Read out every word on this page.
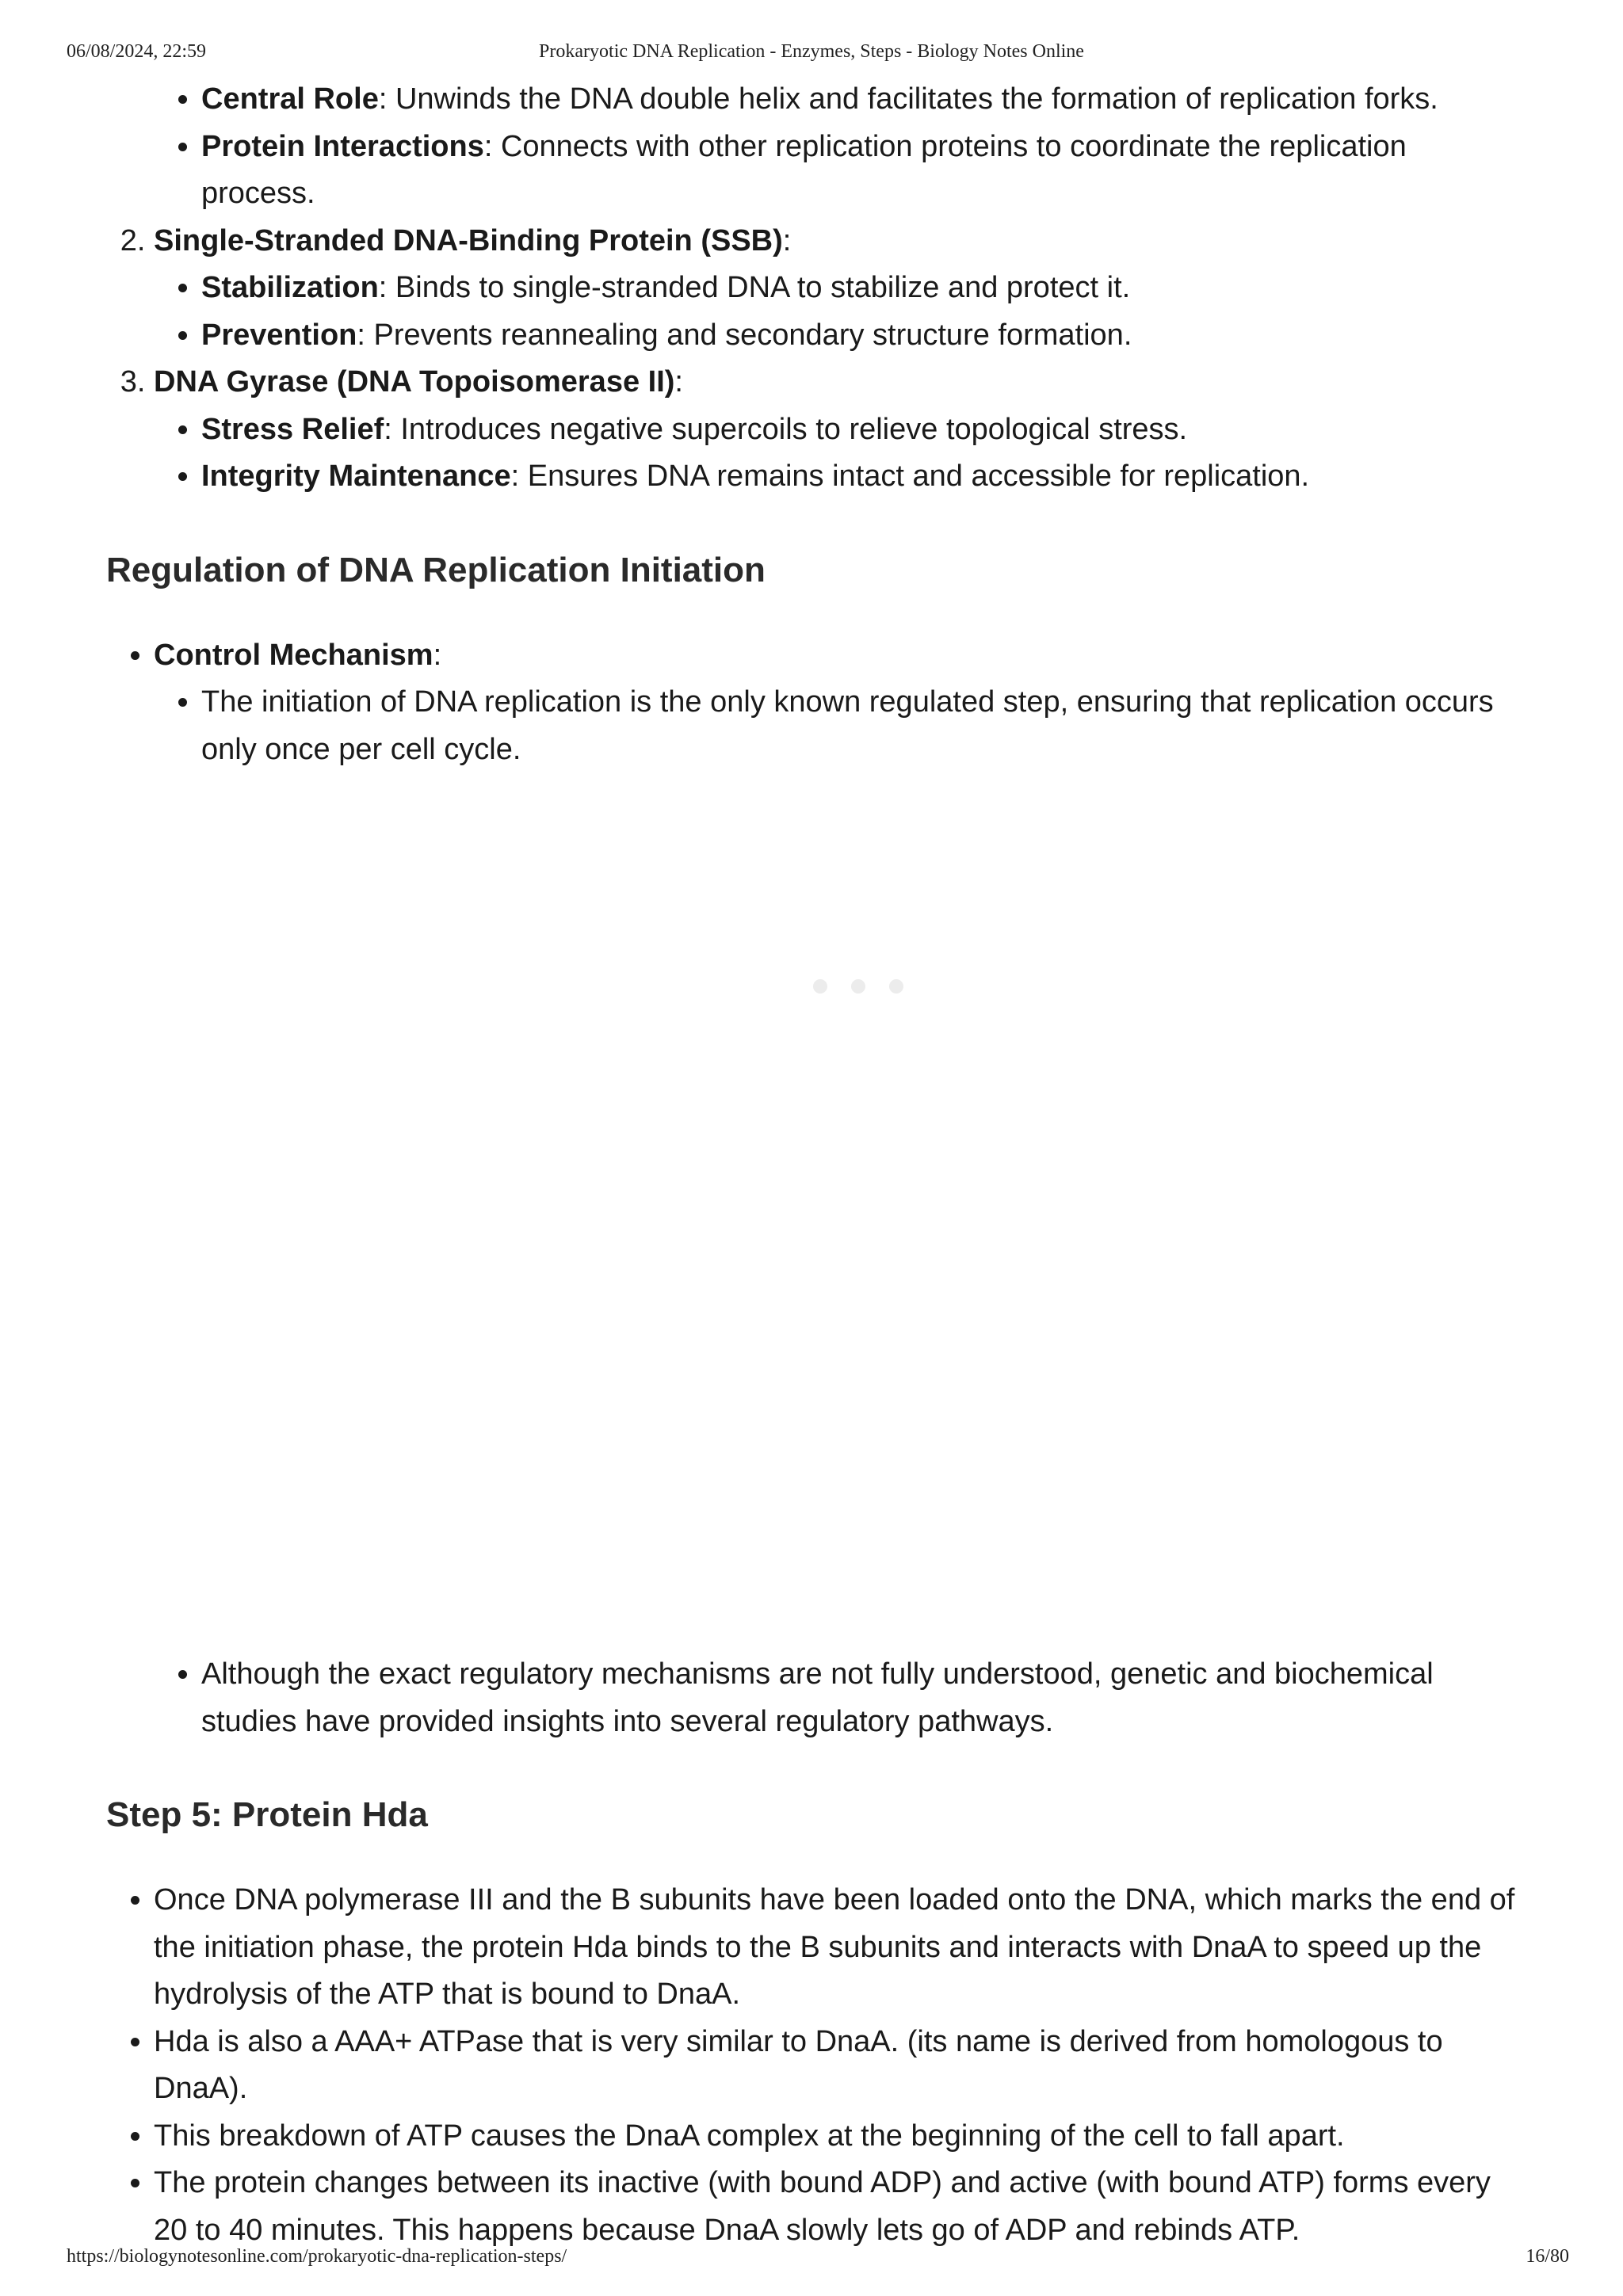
06/08/2024, 22:59	Prokaryotic DNA Replication - Enzymes, Steps - Biology Notes Online
• Central Role: Unwinds the DNA double helix and facilitates the formation of replication forks.
• Protein Interactions: Connects with other replication proteins to coordinate the replication process.
2. Single-Stranded DNA-Binding Protein (SSB):
• Stabilization: Binds to single-stranded DNA to stabilize and protect it.
• Prevention: Prevents reannealing and secondary structure formation.
3. DNA Gyrase (DNA Topoisomerase II):
• Stress Relief: Introduces negative supercoils to relieve topological stress.
• Integrity Maintenance: Ensures DNA remains intact and accessible for replication.
Regulation of DNA Replication Initiation
• Control Mechanism:
• The initiation of DNA replication is the only known regulated step, ensuring that replication occurs only once per cell cycle.
• Although the exact regulatory mechanisms are not fully understood, genetic and biochemical studies have provided insights into several regulatory pathways.
Step 5: Protein Hda
• Once DNA polymerase III and the B subunits have been loaded onto the DNA, which marks the end of the initiation phase, the protein Hda binds to the B subunits and interacts with DnaA to speed up the hydrolysis of the ATP that is bound to DnaA.
• Hda is also a AAA+ ATPase that is very similar to DnaA. (its name is derived from homologous to DnaA).
• This breakdown of ATP causes the DnaA complex at the beginning of the cell to fall apart.
• The protein changes between its inactive (with bound ADP) and active (with bound ATP) forms every 20 to 40 minutes. This happens because DnaA slowly lets go of ADP and rebinds ATP.
https://biologynotesonline.com/prokaryotic-dna-replication-steps/	16/80
